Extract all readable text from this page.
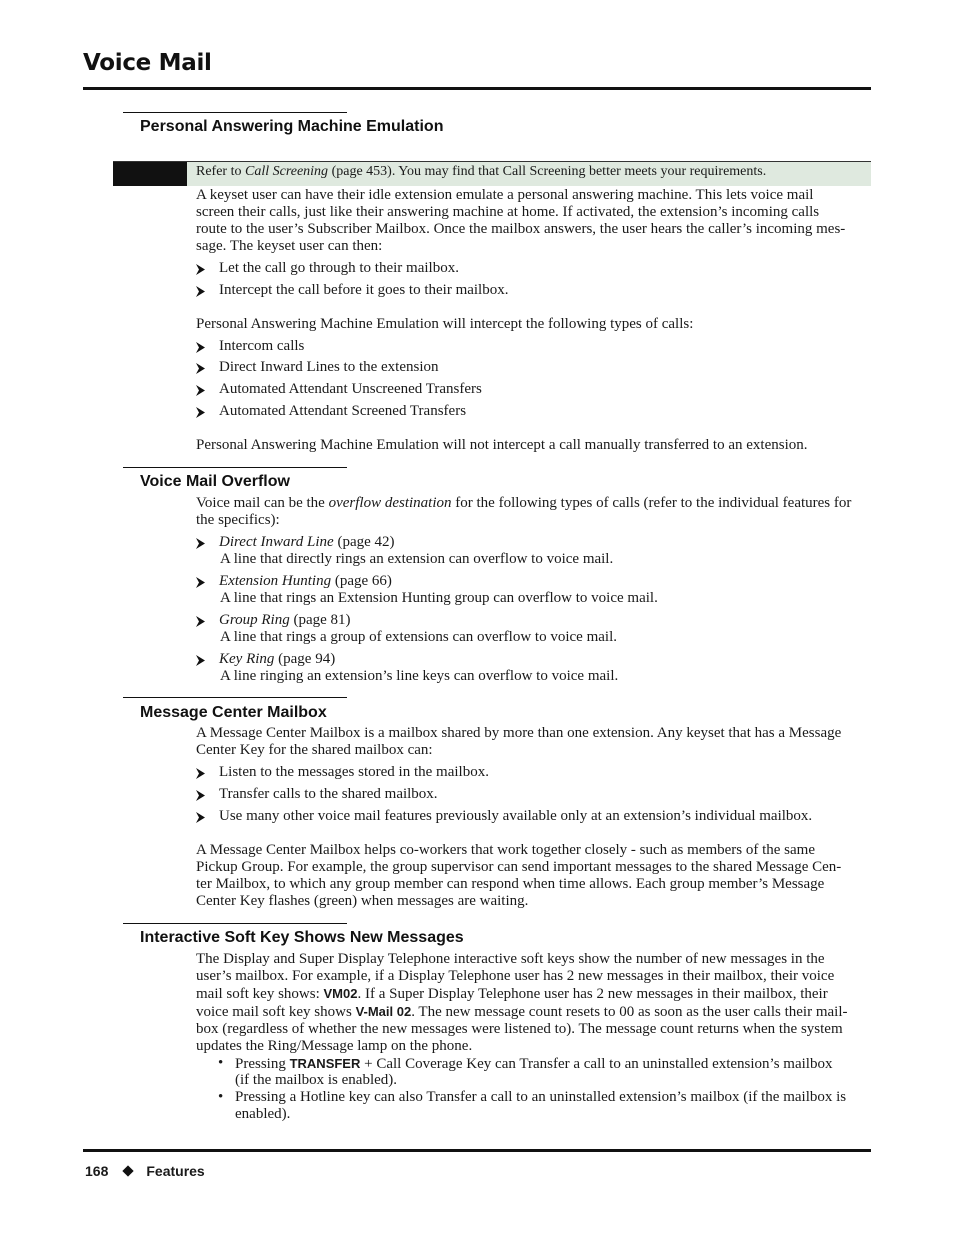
Voice Mail
Personal Answering Machine Emulation
Refer to Call Screening (page 453). You may find that Call Screening better meets your requirements.
A keyset user can have their idle extension emulate a personal answering machine. This lets voice mail
screen their calls, just like their answering machine at home. If activated, the extension’s incoming calls
route to the user’s Subscriber Mailbox. Once the mailbox answers, the user hears the caller’s incoming mes-
sage. The keyset user can then:
Let the call go through to their mailbox.
Intercept the call before it goes to their mailbox.
Personal Answering Machine Emulation will intercept the following types of calls:
Intercom calls
Direct Inward Lines to the extension
Automated Attendant Unscreened Transfers
Automated Attendant Screened Transfers
Personal Answering Machine Emulation will not intercept a call manually transferred to an extension.
Voice Mail Overflow
Voice mail can be the overflow destination for the following types of calls (refer to the individual features for
the specifics):
Direct Inward Line (page 42)
A line that directly rings an extension can overflow to voice mail.
Extension Hunting (page 66)
A line that rings an Extension Hunting group can overflow to voice mail.
Group Ring (page 81)
A line that rings a group of extensions can overflow to voice mail.
Key Ring (page 94)
A line ringing an extension’s line keys can overflow to voice mail.
Message Center Mailbox
A Message Center Mailbox is a mailbox shared by more than one extension. Any keyset that has a Message
Center Key for the shared mailbox can:
Listen to the messages stored in the mailbox.
Transfer calls to the shared mailbox.
Use many other voice mail features previously available only at an extension’s individual mailbox.
A Message Center Mailbox helps co-workers that work together closely - such as members of the same
Pickup Group. For example, the group supervisor can send important messages to the shared Message Cen-
ter Mailbox, to which any group member can respond when time allows. Each group member’s Message
Center Key flashes (green) when messages are waiting.
Interactive Soft Key Shows New Messages
The Display and Super Display Telephone interactive soft keys show the number of new messages in the
user’s mailbox. For example, if a Display Telephone user has 2 new messages in their mailbox, their voice
mail soft key shows: VM02. If a Super Display Telephone user has 2 new messages in their mailbox, their
voice mail soft key shows V-Mail 02. The new message count resets to 00 as soon as the user calls their mail-
box (regardless of whether the new messages were listened to). The message count returns when the system
updates the Ring/Message lamp on the phone.
• Pressing TRANSFER + Call Coverage Key can Transfer a call to an uninstalled extension’s mailbox
(if the mailbox is enabled).
• Pressing a Hotline key can also Transfer a call to an uninstalled extension’s mailbox (if the mailbox is
enabled).
168	Features
